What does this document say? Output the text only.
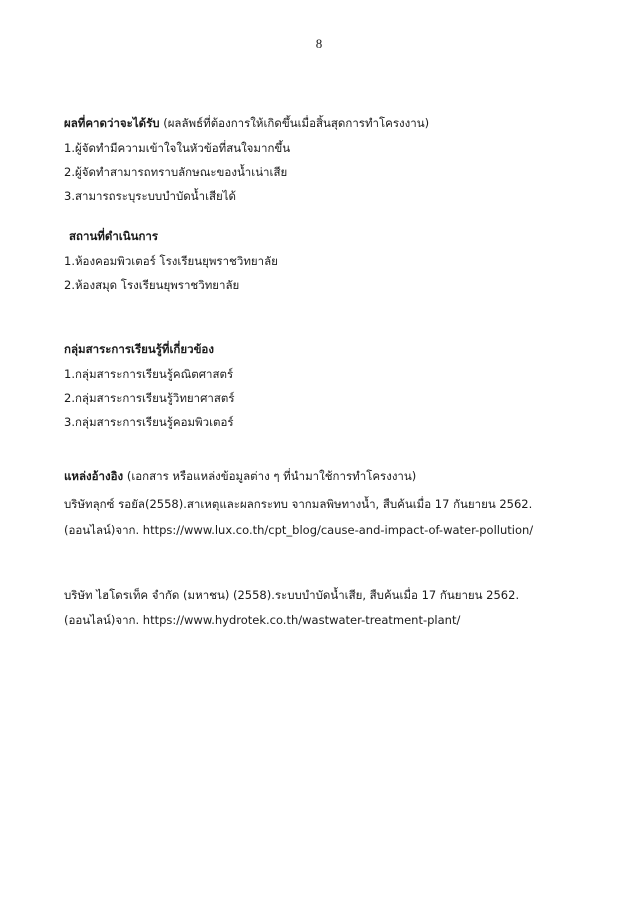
8
ผลที่คาดว่าจะได้รับ (ผลลัพธ์ที่ต้องการให้เกิดขึ้นเมื่อสิ้นสุดการทำโครงงาน)
1.ผู้จัดทำมีความเข้าใจในหัวข้อที่สนใจมากขึ้น
2.ผู้จัดทำสามารถทราบลักษณะของน้ำเน่าเสีย
3.สามารถระบุระบบบำบัดน้ำเสียได้
สถานที่ดำเนินการ
1.ห้องคอมพิวเตอร์ โรงเรียนยุพราชวิทยาลัย
2.ห้องสมุด โรงเรียนยุพราชวิทยาลัย
กลุ่มสาระการเรียนรู้ที่เกี่ยวข้อง
1.กลุ่มสาระการเรียนรู้คณิตศาสตร์
2.กลุ่มสาระการเรียนรู้วิทยาศาสตร์
3.กลุ่มสาระการเรียนรู้คอมพิวเตอร์
แหล่งอ้างอิง (เอกสาร หรือแหล่งข้อมูลต่าง ๆ ที่นำมาใช้การทำโครงงาน)
บริษัทลุกซ์ รอยัล(2558).สาเหตุและผลกระทบ จากมลพิษทางน้ำ, สืบค้นเมื่อ 17 กันยายน 2562.
(ออนไลน์)จาก. https://www.lux.co.th/cpt_blog/cause-and-impact-of-water-pollution/
บริษัท ไฮโดรเท็ค จำกัด (มหาชน) (2558).ระบบบำบัดน้ำเสีย, สืบค้นเมื่อ 17 กันยายน 2562.
(ออนไลน์)จาก. https://www.hydrotek.co.th/wastwater-treatment-plant/
